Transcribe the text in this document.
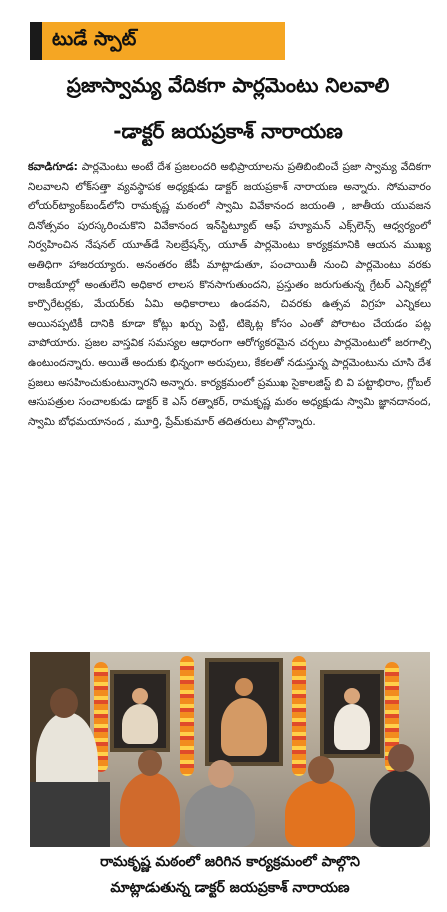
టుడే స్పాట్
ప్రజాస్వామ్య వేదికగా పార్లమెంటు నిలవాలి
-డాక్టర్ జయప్రకాశ్ నారాయణ
కవాడిగూడ: పార్లమెంటు అంటే దేశ ప్రజలందరి అభిప్రాయాలను ప్రతిబింబించే ప్రజా స్వామ్య వేదికగా నిలవాలని లోక్‌సత్తా వ్యవస్థాపక అధ్యక్షుడు డాక్టర్ జయప్రకాశ్ నారాయణ అన్నారు. సోమవారం లోయర్‌ట్యాంక్‌బండ్‌లోని రామకృష్ణ మఠంలో స్వామి వివేకానంద జయంతి , జాతీయ యువజన దినోత్సవం పురస్కరించుకొని వివేకానంద ఇన్‌స్టిట్యూట్ ఆఫ్ హ్యూమన్ ఎక్స్‌లెన్స్ ఆధ్వర్యంలో నిర్వహించిన నేషనల్ యూత్‌డే సెలబ్రేషన్స్, యూత్ పార్లమెంటు కార్యక్రమానికి ఆయన ముఖ్య అతిధిగా హాజరయ్యారు. అనంతరం జేపీ మాట్లాడుతూ, పంచాయితీ నుంచి పార్లమెంటు వరకు రాజకీయాల్లో అంతులేని అధికార లాలస కొనసాగుతుందని, ప్రస్తుతం జరుగుతున్న గ్రేటర్ ఎన్నికల్లో కార్పొరేటర్లకు, మేయర్‌కు ఏమి అధికారాలు ఉండవని, చివరకు ఉత్సవ విగ్రహ ఎన్నికలు అయినప్పటికీ దానికి కూడా కోట్లు ఖర్చు పెట్టి, టిక్కెట్ల కోసం ఎంతో పోరాటం చేయడం పట్ల వాపోయారు. ప్రజల వాస్తవిక సమస్యల ఆధారంగా ఆరోగ్యకరమైన చర్చలు పార్లమెంటులో జరగాల్సి ఉంటుందన్నారు. అయితే అందుకు భిన్నంగా అరుపులు, కేకలతో నడుస్తున్న పార్లమెంటును చూసి దేశ ప్రజలు అసహించుకుంటున్నారని అన్నారు. కార్యక్రమంలో ప్రముఖ సైకాలజిస్ట్ బి వి పట్టాభిరాం, గ్లోబల్ ఆసుపత్రుల సంచాలకుడు డాక్టర్ కె ఎస్ రత్నాకర్, రామకృష్ణ మఠం అధ్యక్షుడు స్వామి జ్ఞానదానంద, స్వామి బోధమయానంద , మూర్తి, ప్రేమ్‌కుమార్ తదితరులు పాల్గొన్నారు.
రామకృష్ణ మఠంలో జరిగిన కార్యక్రమంలో పాల్గొని
మాట్లాడుతున్న డాక్టర్ జయప్రకాశ్ నారాయణ
